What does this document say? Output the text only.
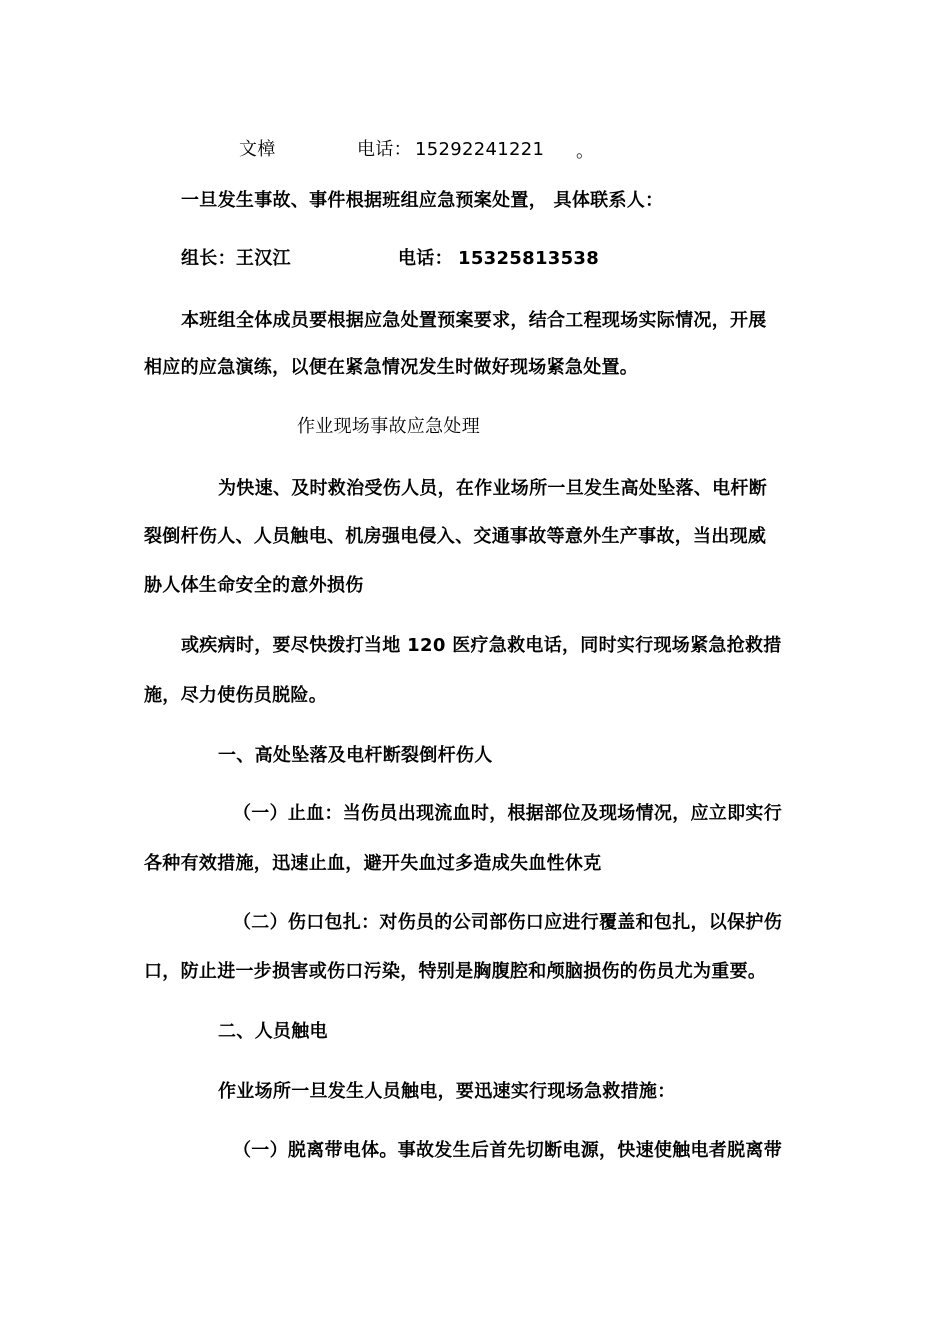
文樟	电话： 15292241221 。
一旦发生事故、事件根据班组应急预案处置， 具体联系人：
组长：王汉江	电话： 15325813538
本班组全体成员要根据应急处置预案要求，结合工程现场实际情况，开展
相应的应急演练，以便在紧急情况发生时做好现场紧急处置。
作业现场事故应急处理
为快速、及时救治受伤人员，在作业场所一旦发生高处坠落、电杆断
裂倒杆伤人、人员触电、机房强电侵入、交通事故等意外生产事故，当出现威
胁人体生命安全的意外损伤
或疾病时，要尽快拨打当地 120 医疗急救电话，同时实行现场紧急抢救措
施，尽力使伤员脱险。
一、高处坠落及电杆断裂倒杆伤人
（一）止血：当伤员出现流血时，根据部位及现场情况，应立即实行
各种有效措施，迅速止血，避开失血过多造成失血性休克
（二）伤口包扎：对伤员的公司部伤口应进行覆盖和包扎，以保护伤
口，防止进一步损害或伤口污染，特别是胸腹腔和颅脑损伤的伤员尤为重要。
二、人员触电
作业场所一旦发生人员触电，要迅速实行现场急救措施：
（一）脱离带电体。事故发生后首先切断电源，快速使触电者脱离带
